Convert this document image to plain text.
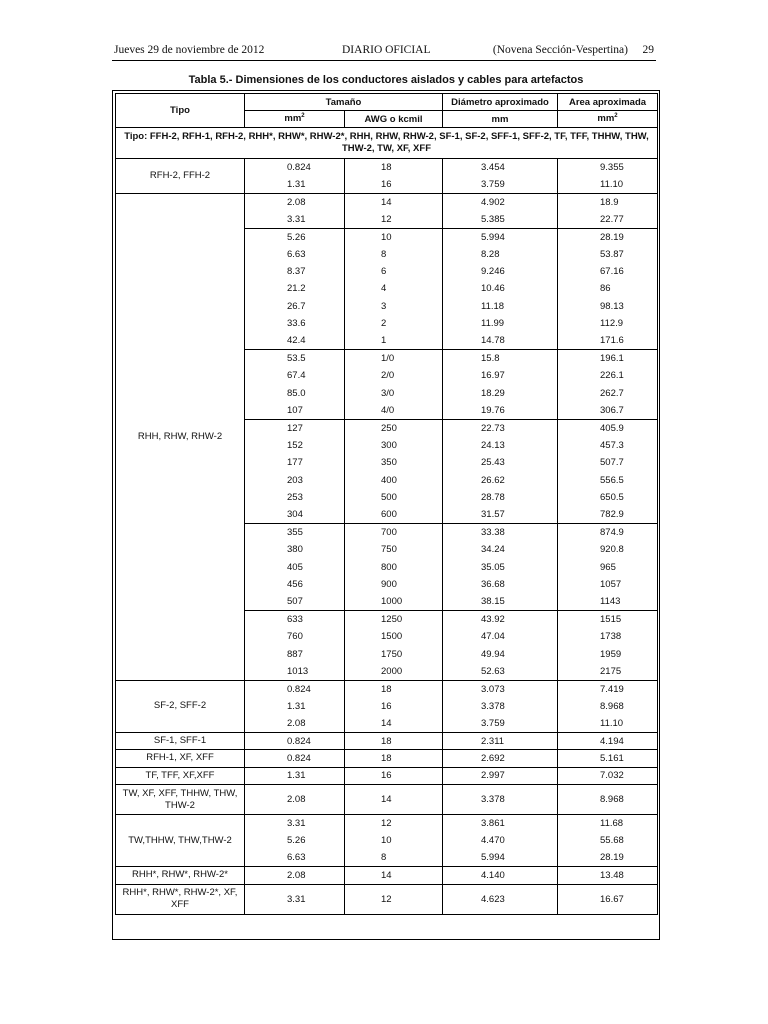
Jueves 29 de noviembre de 2012	DIARIO OFICIAL	(Novena Sección-Vespertina) 29
Tabla 5.- Dimensiones de los conductores aislados y cables para artefactos
Tipo	Tamaño		Diámetro aproximado	Area aproximada
	$mm^2$	AWG o kcmil	mm	$mm^2$
Tipo: FFH-2, RFH-1, RFH-2, RHH*, RHW*, RHW-2*, RHH, RHW, RHW-2, SF-1, SF-2, SFF-1, SFF-2, TF, TFF, THHW, THW, THW-2, TW, XF, XFF				
RFH-2, FFH-2	0.824	18	3.454	9.355
	1.31	16	3.759	11.10
RHH, RHW, RHW-2	2.08	14	4.902	18.9
	3.31	12	5.385	22.77
	5.26	10	5.994	28.19
	6.63	8	8.28	53.87
	8.37	6	9.246	67.16
	21.2	4	10.46	86
	26.7	3	11.18	98.13
	33.6	2	11.99	112.9
	42.4	1	14.78	171.6
	53.5	1/0	15.8	196.1
	67.4	2/0	16.97	226.1
	85.0	3/0	18.29	262.7
	107	4/0	19.76	306.7
	127	250	22.73	405.9
	152	300	24.13	457.3
	177	350	25.43	507.7
	203	400	26.62	556.5
	253	500	28.78	650.5
	304	600	31.57	782.9
	355	700	33.38	874.9
	380	750	34.24	920.8
	405	800	35.05	965
	456	900	36.68	1057
	507	1000	38.15	1143
	633	1250	43.92	1515
	760	1500	47.04	1738
	887	1750	49.94	1959
	1013	2000	52.63	2175
SF-2, SFF-2	0.824	18	3.073	7.419
	1.31	16	3.378	8.968
	2.08	14	3.759	11.10
SF-1, SFF-1	0.824	18	2.311	4.194
RFH-1, XF, XFF	0.824	18	2.692	5.161
TF, TFF, XF,XFF	1.31	16	2.997	7.032
TW, XF, XFF, THHW, THW, THW-2	2.08	14	3.378	8.968
TW,THHW, THW,THW-2	3.31	12	3.861	11.68
	5.26	10	4.470	55.68
	6.63	8	5.994	28.19
RHH*, RHW*, RHW-2*	2.08	14	4.140	13.48
RHH*, RHW*, RHW-2*, XF, XFF	3.31	12	4.623	16.67
